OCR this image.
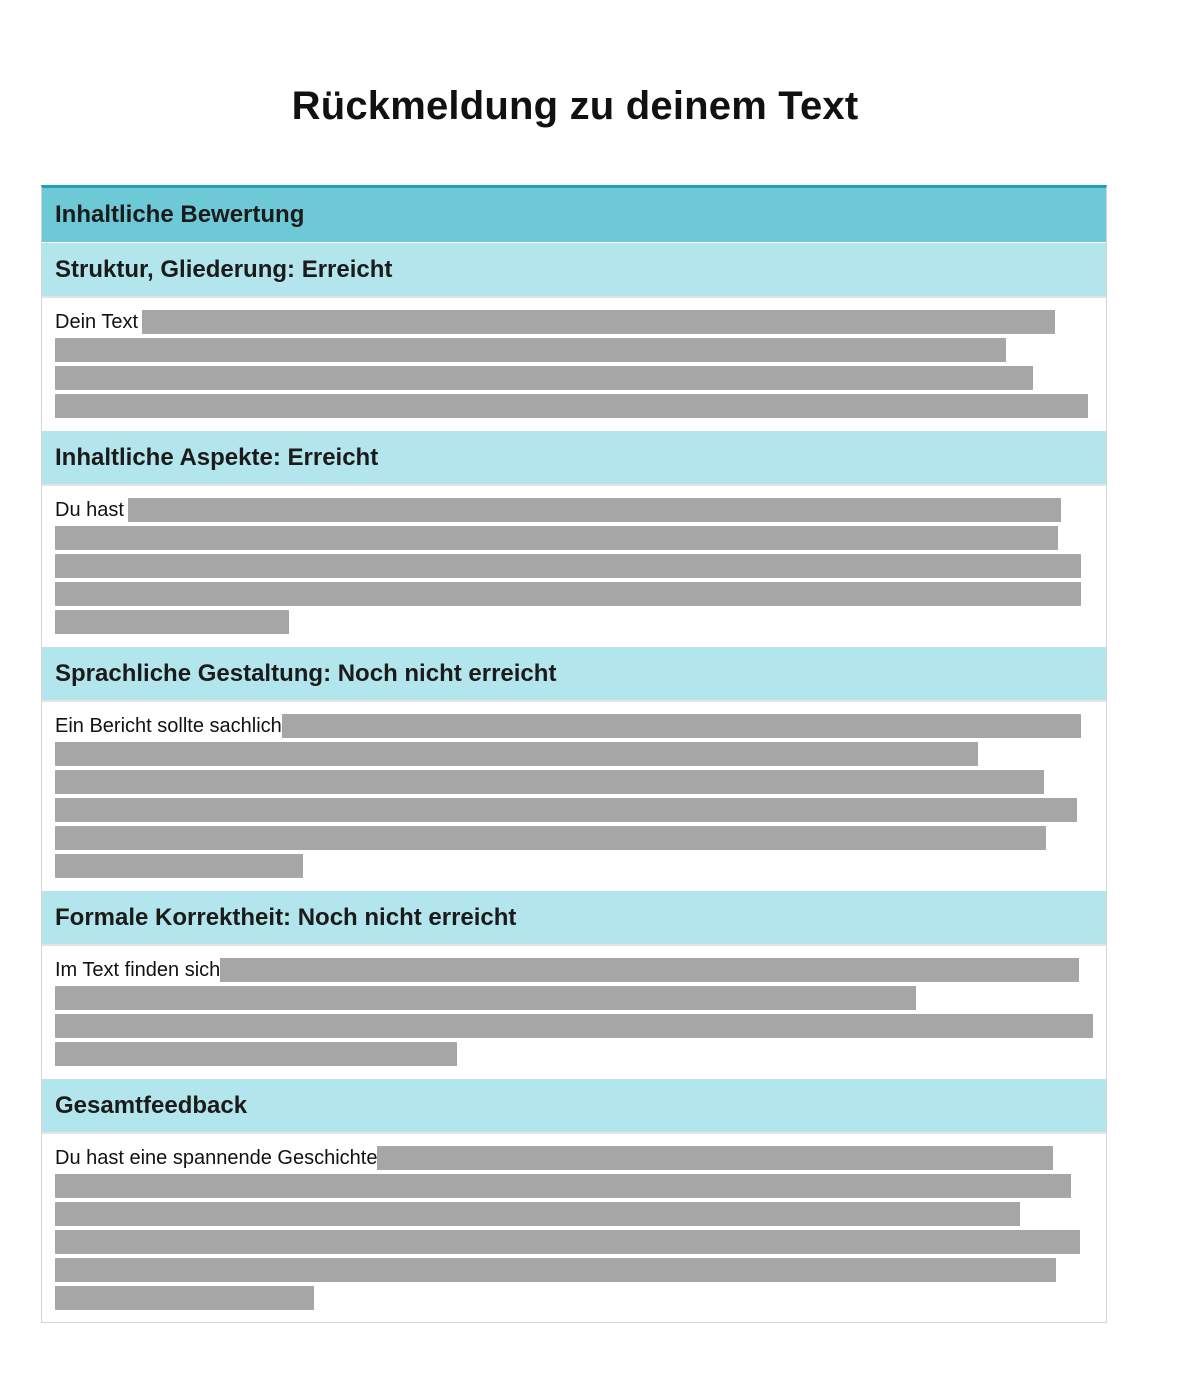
Rückmeldung zu deinem Text
Inhaltliche Bewertung
Struktur, Gliederung: Erreicht
Dein Text
Inhaltliche Aspekte: Erreicht
Du hast
Sprachliche Gestaltung: Noch nicht erreicht
Ein Bericht sollte sachlich
Formale Korrektheit: Noch nicht erreicht
Im Text finden sich
Gesamtfeedback
Du hast eine spannende Geschichte
